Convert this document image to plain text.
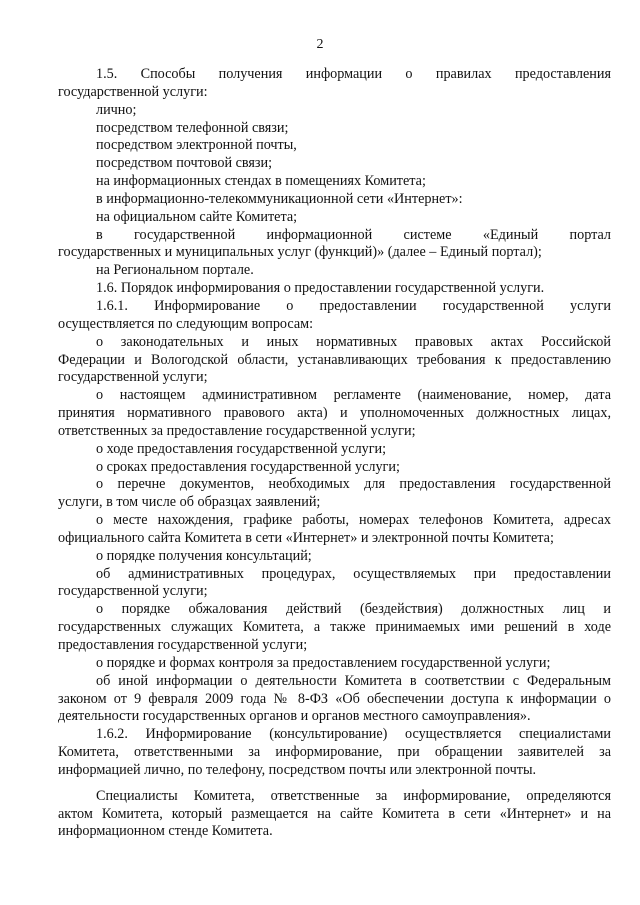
2
1.5. Способы получения информации о правилах предоставления
государственной услуги:
лично;
посредством телефонной связи;
посредством электронной почты,
посредством почтовой связи;
на информационных стендах в помещениях Комитета;
в информационно-телекоммуникационной сети «Интернет»:
на официальном сайте Комитета;
в государственной информационной системе «Единый портал
государственных и муниципальных услуг (функций)» (далее – Единый портал);
на Региональном портале.
1.6. Порядок информирования о предоставлении государственной услуги.
1.6.1. Информирование о предоставлении государственной услуги
осуществляется по следующим вопросам:
о законодательных и иных нормативных правовых актах Российской
Федерации и Вологодской области, устанавливающих требования к предоставлению
государственной услуги;
о настоящем административном регламенте (наименование, номер, дата
принятия нормативного правового акта) и уполномоченных должностных лицах,
ответственных за предоставление государственной услуги;
о ходе предоставления государственной услуги;
о сроках предоставления государственной услуги;
о перечне документов, необходимых для предоставления государственной
услуги, в том числе об образцах заявлений;
о месте нахождения, графике работы, номерах телефонов Комитета, адресах
официального сайта Комитета в сети «Интернет» и электронной почты Комитета;
о порядке получения консультаций;
об административных процедурах, осуществляемых при предоставлении
государственной услуги;
о порядке обжалования действий (бездействия) должностных лиц и
государственных служащих Комитета, а также принимаемых ими решений в ходе
предоставления государственной услуги;
о порядке и формах контроля за предоставлением государственной услуги;
об иной информации о деятельности Комитета в соответствии с Федеральным
законом от 9 февраля 2009 года № 8-ФЗ «Об обеспечении доступа к информации о
деятельности государственных органов и органов местного самоуправления».
1.6.2. Информирование (консультирование) осуществляется специалистами
Комитета, ответственными за информирование, при обращении заявителей за
информацией лично, по телефону, посредством почты или электронной почты.
Специалисты Комитета, ответственные за информирование, определяются
актом Комитета, который размещается на сайте Комитета в сети «Интернет» и на
информационном стенде Комитета.
